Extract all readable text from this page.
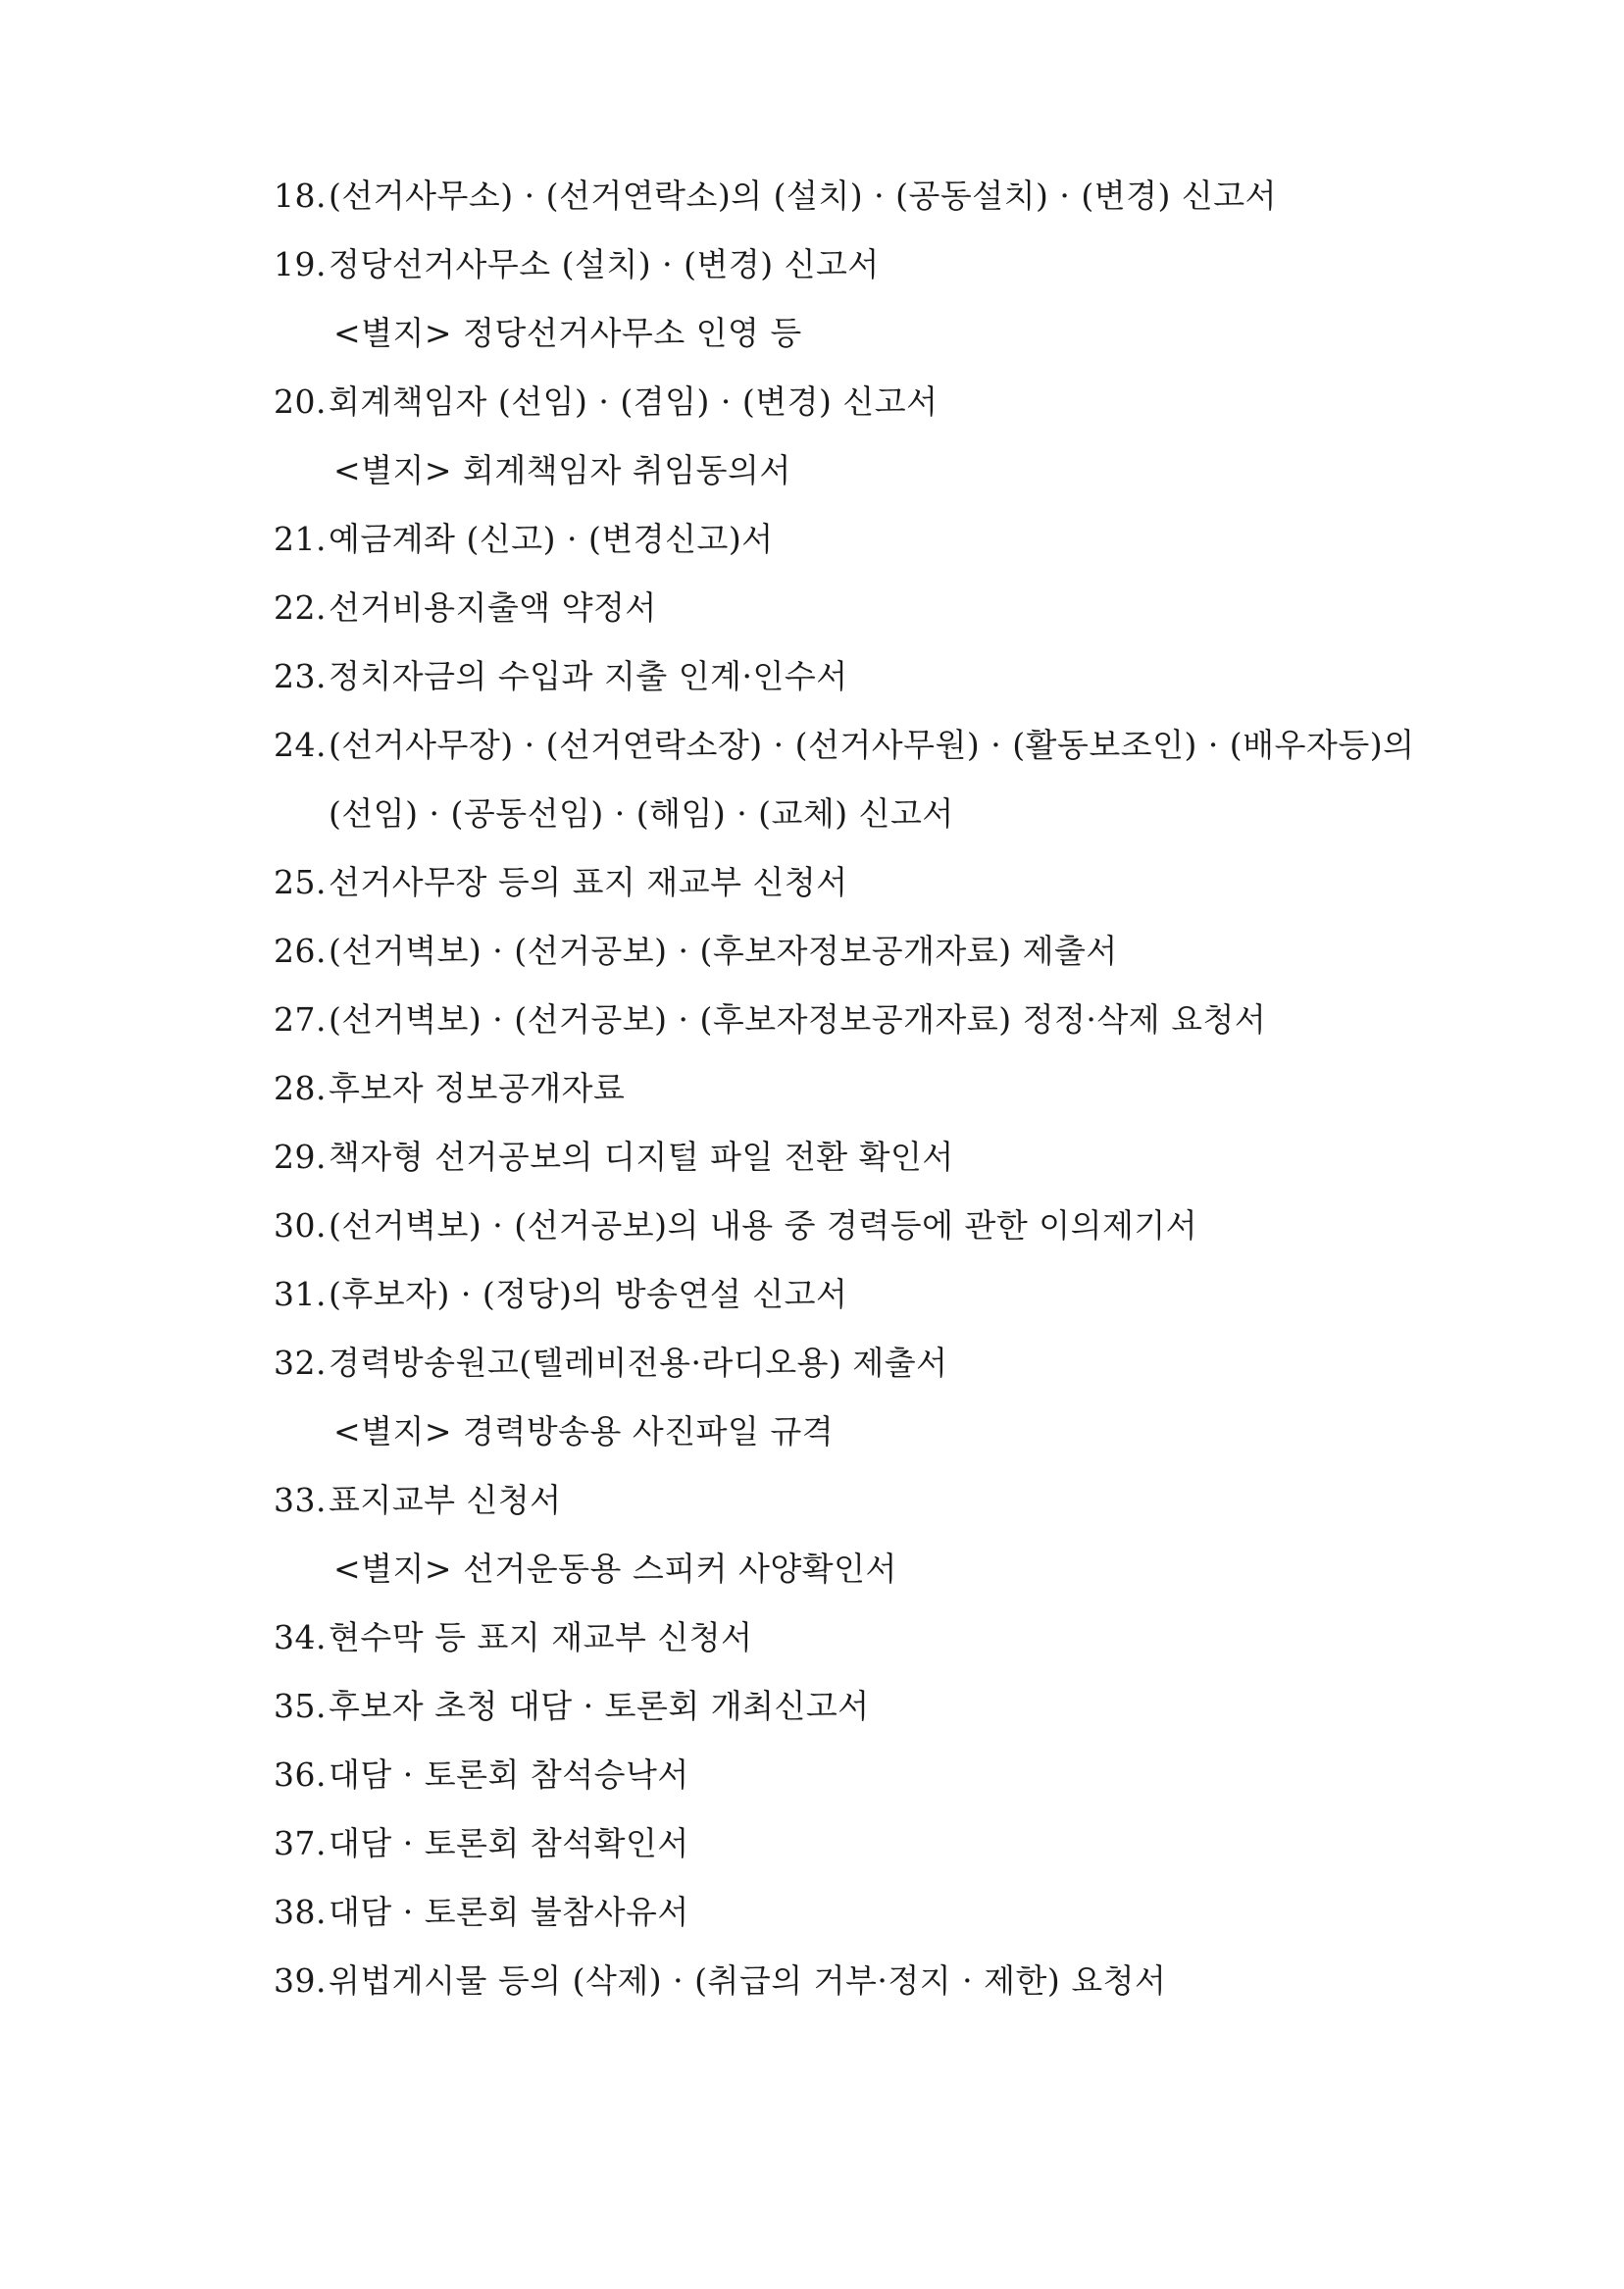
18.(선거사무소) · (선거연락소)의 (설치) · (공동설치) · (변경) 신고서
19.정당선거사무소 (설치) · (변경) 신고서
<별지> 정당선거사무소 인영 등
20.회계책임자 (선임) · (겸임) · (변경) 신고서
<별지> 회계책임자 취임동의서
21.예금계좌 (신고) · (변경신고)서
22.선거비용지출액 약정서
23.정치자금의 수입과 지출 인계·인수서
24.(선거사무장) · (선거연락소장) · (선거사무원) · (활동보조인) · (배우자등)의
(선임) · (공동선임) · (해임) · (교체) 신고서
25.선거사무장 등의 표지 재교부 신청서
26.(선거벽보) · (선거공보) · (후보자정보공개자료) 제출서
27.(선거벽보) · (선거공보) · (후보자정보공개자료) 정정·삭제 요청서
28.후보자 정보공개자료
29.책자형 선거공보의 디지털 파일 전환 확인서
30.(선거벽보) · (선거공보)의 내용 중 경력등에 관한 이의제기서
31.(후보자) · (정당)의 방송연설 신고서
32.경력방송원고(텔레비전용·라디오용) 제출서
<별지> 경력방송용 사진파일 규격
33.표지교부 신청서
<별지> 선거운동용 스피커 사양확인서
34.현수막 등 표지 재교부 신청서
35.후보자 초청 대담 · 토론회 개최신고서
36.대담 · 토론회 참석승낙서
37.대담 · 토론회 참석확인서
38.대담 · 토론회 불참사유서
39.위법게시물 등의 (삭제) · (취급의 거부·정지 · 제한) 요청서
